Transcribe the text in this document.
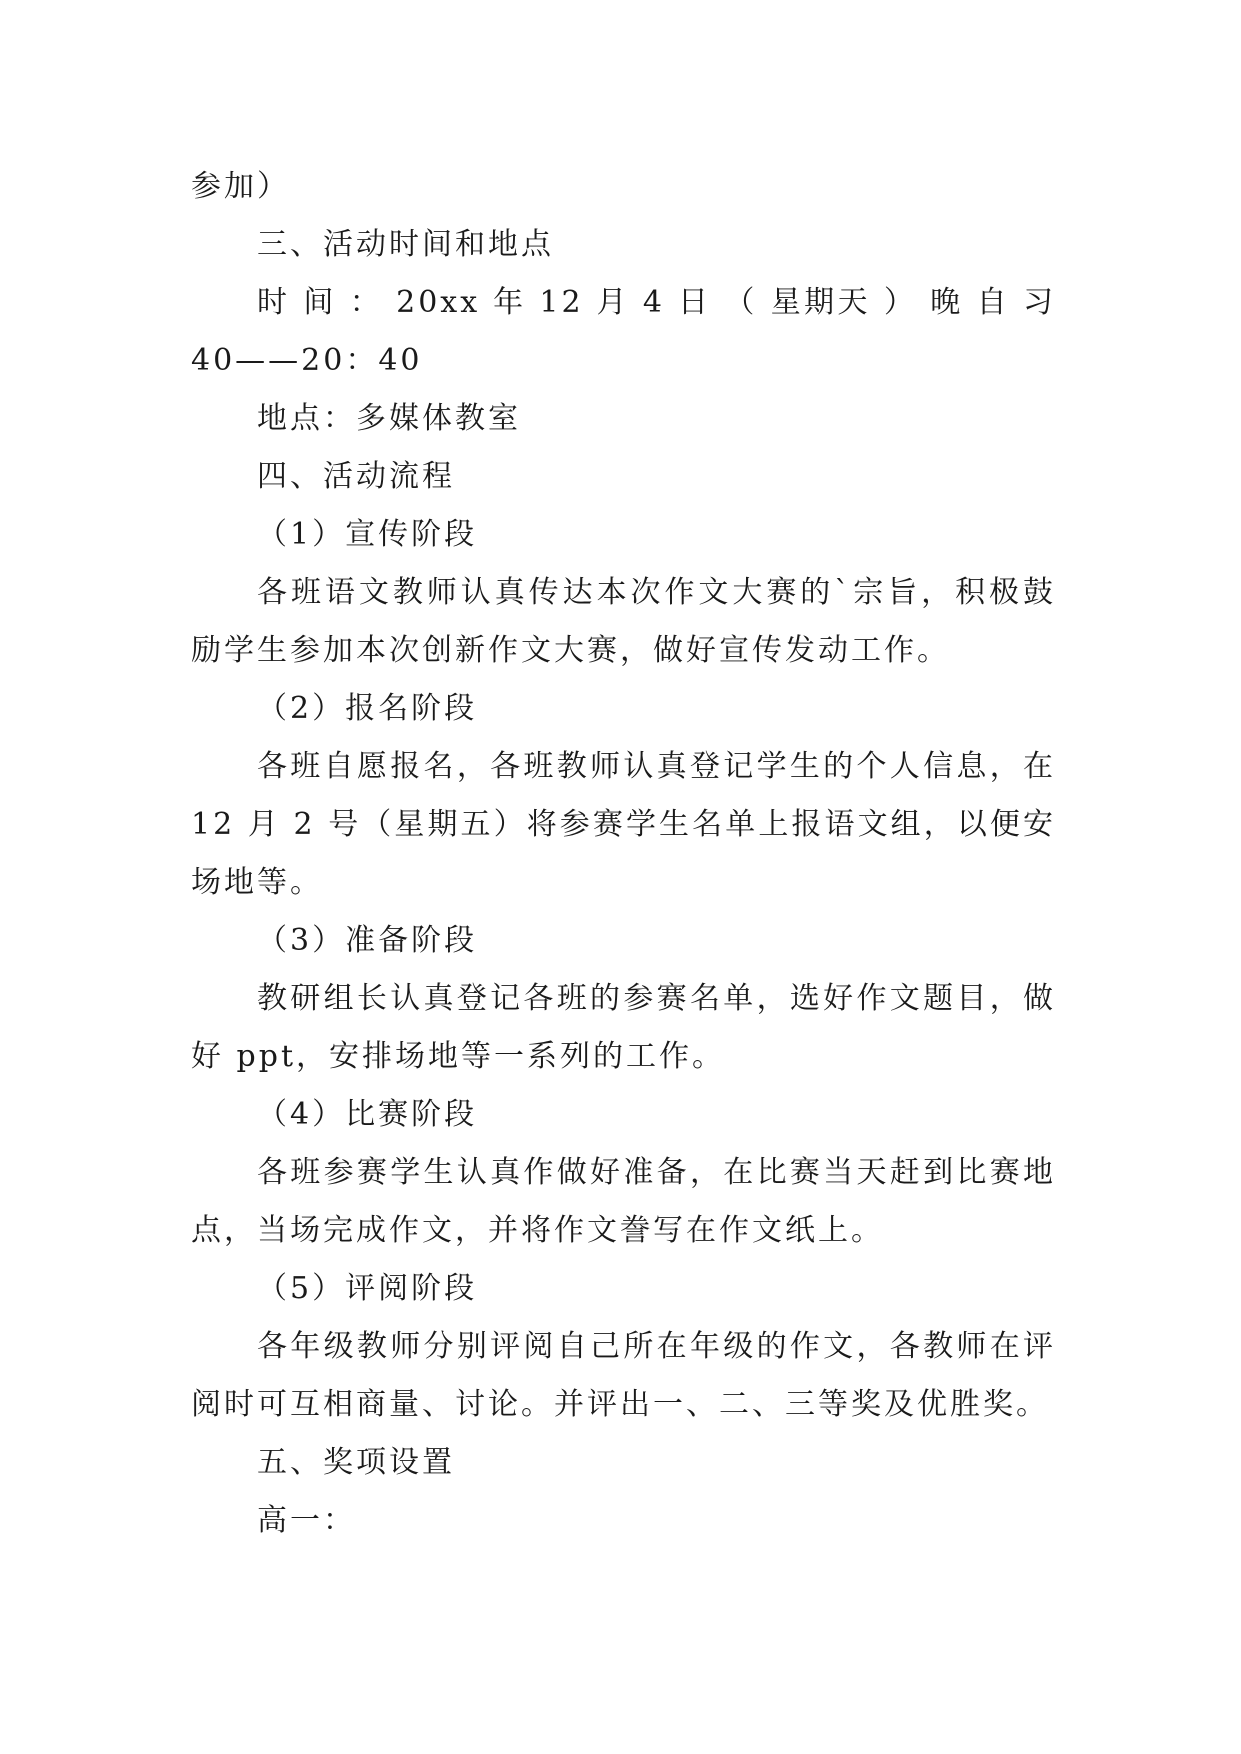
参加）
三、活动时间和地点
时 间 ： 20xx 年 12 月 4 日 （ 星期天 ） 晚 自 习
40——20：40
地点：多媒体教室
四、活动流程
（1）宣传阶段
各班语文教师认真传达本次作文大赛的`宗旨，积极鼓
励学生参加本次创新作文大赛，做好宣传发动工作。
（2）报名阶段
各班自愿报名，各班教师认真登记学生的个人信息，在
12 月 2 号（星期五）将参赛学生名单上报语文组，以便安
场地等。
（3）准备阶段
教研组长认真登记各班的参赛名单，选好作文题目，做
好 ppt，安排场地等一系列的工作。
（4）比赛阶段
各班参赛学生认真作做好准备，在比赛当天赶到比赛地
点，当场完成作文，并将作文誊写在作文纸上。
（5）评阅阶段
各年级教师分别评阅自己所在年级的作文，各教师在评
阅时可互相商量、讨论。并评出一、二、三等奖及优胜奖。
五、奖项设置
高一：
